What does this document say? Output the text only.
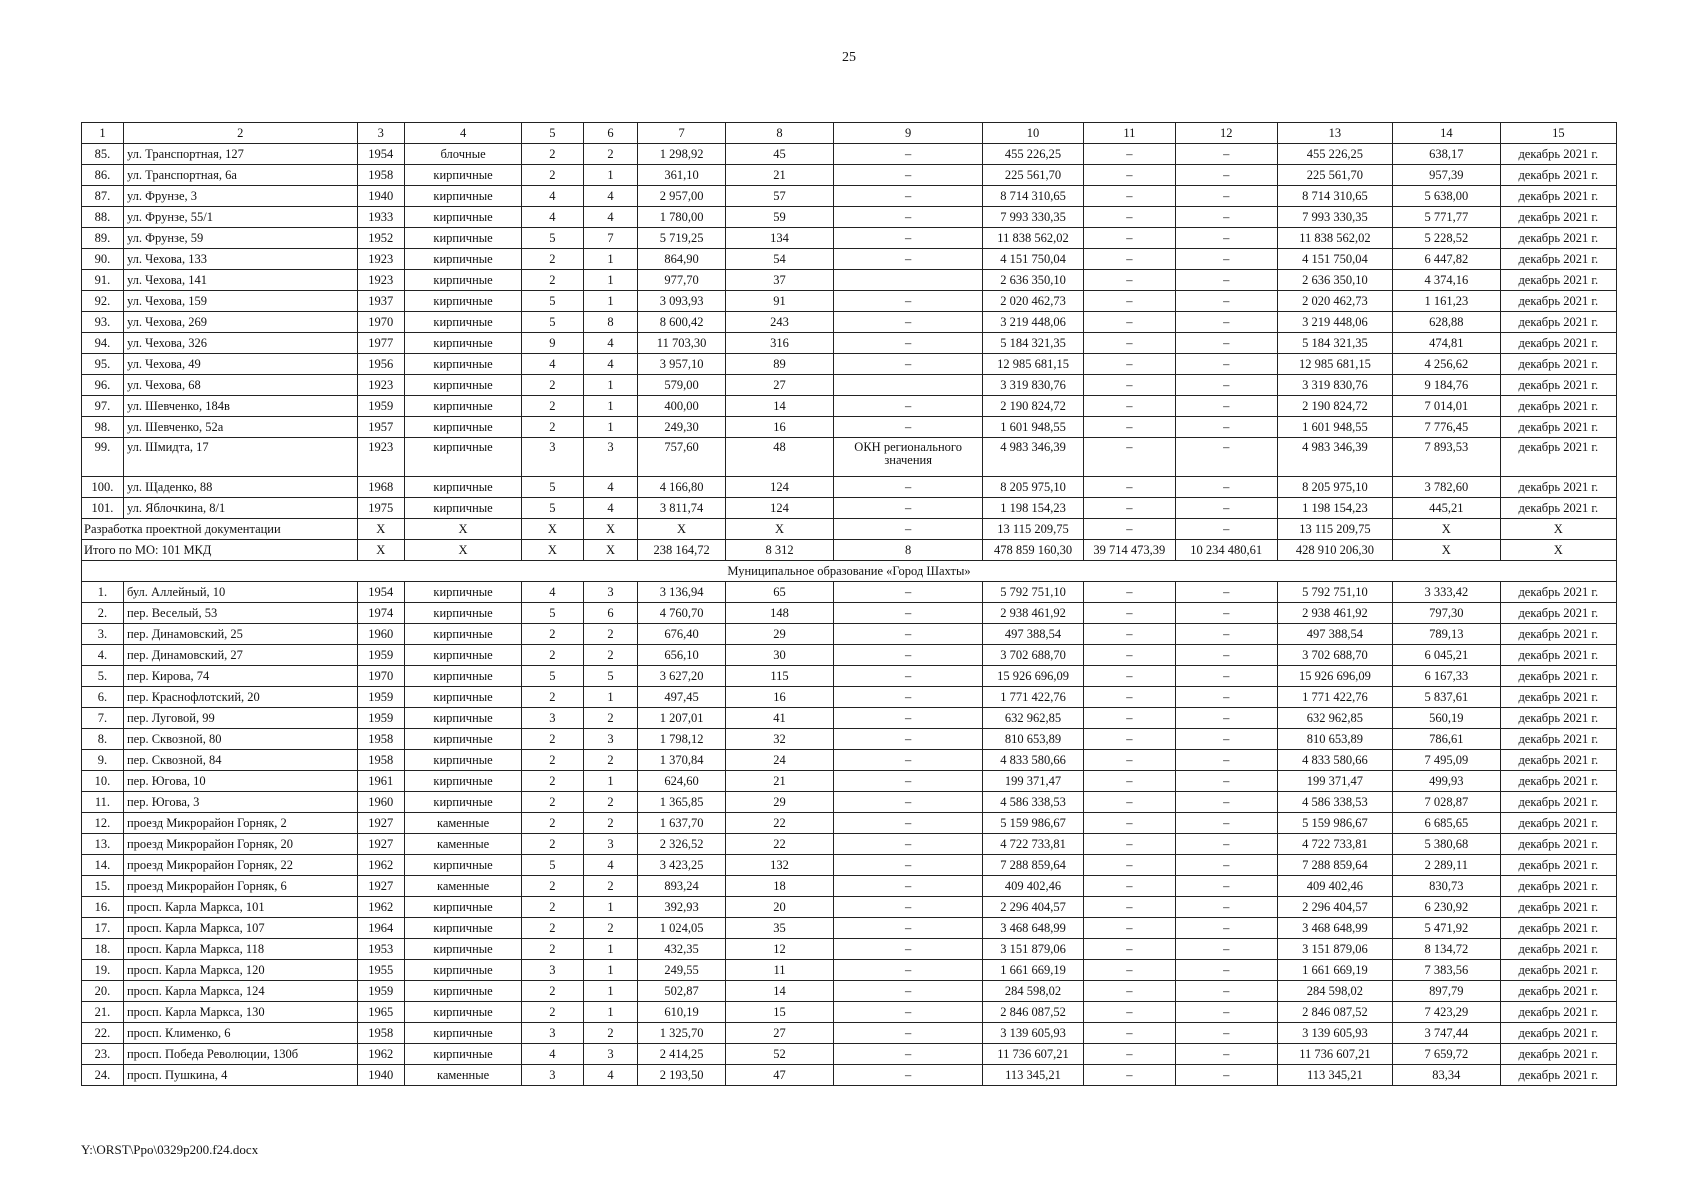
25
1	2	3	4	5	6	7	8	9	10	11	12	13	14	15
85.	ул. Транспортная, 127	1954	блочные	2	2	1 298,92	45	–	455 226,25	–	–	455 226,25	638,17	декабрь 2021 г.
86.	ул. Транспортная, 6а	1958	кирпичные	2	1	361,10	21	–	225 561,70	–	–	225 561,70	957,39	декабрь 2021 г.
87.	ул. Фрунзе, 3	1940	кирпичные	4	4	2 957,00	57	–	8 714 310,65	–	–	8 714 310,65	5 638,00	декабрь 2021 г.
88.	ул. Фрунзе, 55/1	1933	кирпичные	4	4	1 780,00	59	–	7 993 330,35	–	–	7 993 330,35	5 771,77	декабрь 2021 г.
89.	ул. Фрунзе, 59	1952	кирпичные	5	7	5 719,25	134	–	11 838 562,02	–	–	11 838 562,02	5 228,52	декабрь 2021 г.
90.	ул. Чехова, 133	1923	кирпичные	2	1	864,90	54	–	4 151 750,04	–	–	4 151 750,04	6 447,82	декабрь 2021 г.
91.	ул. Чехова, 141	1923	кирпичные	2	1	977,70	37		2 636 350,10	–	–	2 636 350,10	4 374,16	декабрь 2021 г.
92.	ул. Чехова, 159	1937	кирпичные	5	1	3 093,93	91	–	2 020 462,73	–	–	2 020 462,73	1 161,23	декабрь 2021 г.
93.	ул. Чехова, 269	1970	кирпичные	5	8	8 600,42	243	–	3 219 448,06	–	–	3 219 448,06	628,88	декабрь 2021 г.
94.	ул. Чехова, 326	1977	кирпичные	9	4	11 703,30	316	–	5 184 321,35	–	–	5 184 321,35	474,81	декабрь 2021 г.
95.	ул. Чехова, 49	1956	кирпичные	4	4	3 957,10	89	–	12 985 681,15	–	–	12 985 681,15	4 256,62	декабрь 2021 г.
96.	ул. Чехова, 68	1923	кирпичные	2	1	579,00	27		3 319 830,76	–	–	3 319 830,76	9 184,76	декабрь 2021 г.
97.	ул. Шевченко, 184в	1959	кирпичные	2	1	400,00	14	–	2 190 824,72	–	–	2 190 824,72	7 014,01	декабрь 2021 г.
98.	ул. Шевченко, 52а	1957	кирпичные	2	1	249,30	16	–	1 601 948,55	–	–	1 601 948,55	7 776,45	декабрь 2021 г.
99.	ул. Шмидта, 17	1923	кирпичные	3	3	757,60	48	ОКН регионального значения	4 983 346,39	–	–	4 983 346,39	7 893,53	декабрь 2021 г.
100.	ул. Щаденко, 88	1968	кирпичные	5	4	4 166,80	124	–	8 205 975,10	–	–	8 205 975,10	3 782,60	декабрь 2021 г.
101.	ул. Яблочкина, 8/1	1975	кирпичные	5	4	3 811,74	124	–	1 198 154,23	–	–	1 198 154,23	445,21	декабрь 2021 г.
Разработка проектной документации		X	X	X	X	X	X	–	13 115 209,75	–	–	13 115 209,75	X	X
Итого по МО: 101 МКД		X	X	X	X	238 164,72	8 312	8	478 859 160,30	39 714 473,39	10 234 480,61	428 910 206,30	X	X
Муниципальное образование «Город Шахты»														
1.	бул. Аллейный, 10	1954	кирпичные	4	3	3 136,94	65	–	5 792 751,10	–	–	5 792 751,10	3 333,42	декабрь 2021 г.
2.	пер. Веселый, 53	1974	кирпичные	5	6	4 760,70	148	–	2 938 461,92	–	–	2 938 461,92	797,30	декабрь 2021 г.
3.	пер. Динамовский, 25	1960	кирпичные	2	2	676,40	29	–	497 388,54	–	–	497 388,54	789,13	декабрь 2021 г.
4.	пер. Динамовский, 27	1959	кирпичные	2	2	656,10	30	–	3 702 688,70	–	–	3 702 688,70	6 045,21	декабрь 2021 г.
5.	пер. Кирова, 74	1970	кирпичные	5	5	3 627,20	115	–	15 926 696,09	–	–	15 926 696,09	6 167,33	декабрь 2021 г.
6.	пер. Краснофлотский, 20	1959	кирпичные	2	1	497,45	16	–	1 771 422,76	–	–	1 771 422,76	5 837,61	декабрь 2021 г.
7.	пер. Луговой, 99	1959	кирпичные	3	2	1 207,01	41	–	632 962,85	–	–	632 962,85	560,19	декабрь 2021 г.
8.	пер. Сквозной, 80	1958	кирпичные	2	3	1 798,12	32	–	810 653,89	–	–	810 653,89	786,61	декабрь 2021 г.
9.	пер. Сквозной, 84	1958	кирпичные	2	2	1 370,84	24	–	4 833 580,66	–	–	4 833 580,66	7 495,09	декабрь 2021 г.
10.	пер. Югова, 10	1961	кирпичные	2	1	624,60	21	–	199 371,47	–	–	199 371,47	499,93	декабрь 2021 г.
11.	пер. Югова, 3	1960	кирпичные	2	2	1 365,85	29	–	4 586 338,53	–	–	4 586 338,53	7 028,87	декабрь 2021 г.
12.	проезд Микрорайон Горняк, 2	1927	каменные	2	2	1 637,70	22	–	5 159 986,67	–	–	5 159 986,67	6 685,65	декабрь 2021 г.
13.	проезд Микрорайон Горняк, 20	1927	каменные	2	3	2 326,52	22	–	4 722 733,81	–	–	4 722 733,81	5 380,68	декабрь 2021 г.
14.	проезд Микрорайон Горняк, 22	1962	кирпичные	5	4	3 423,25	132	–	7 288 859,64	–	–	7 288 859,64	2 289,11	декабрь 2021 г.
15.	проезд Микрорайон Горняк, 6	1927	каменные	2	2	893,24	18	–	409 402,46	–	–	409 402,46	830,73	декабрь 2021 г.
16.	просп. Карла Маркса, 101	1962	кирпичные	2	1	392,93	20	–	2 296 404,57	–	–	2 296 404,57	6 230,92	декабрь 2021 г.
17.	просп. Карла Маркса, 107	1964	кирпичные	2	2	1 024,05	35	–	3 468 648,99	–	–	3 468 648,99	5 471,92	декабрь 2021 г.
18.	просп. Карла Маркса, 118	1953	кирпичные	2	1	432,35	12	–	3 151 879,06	–	–	3 151 879,06	8 134,72	декабрь 2021 г.
19.	просп. Карла Маркса, 120	1955	кирпичные	3	1	249,55	11	–	1 661 669,19	–	–	1 661 669,19	7 383,56	декабрь 2021 г.
20.	просп. Карла Маркса, 124	1959	кирпичные	2	1	502,87	14	–	284 598,02	–	–	284 598,02	897,79	декабрь 2021 г.
21.	просп. Карла Маркса, 130	1965	кирпичные	2	1	610,19	15	–	2 846 087,52	–	–	2 846 087,52	7 423,29	декабрь 2021 г.
22.	просп. Клименко, 6	1958	кирпичные	3	2	1 325,70	27	–	3 139 605,93	–	–	3 139 605,93	3 747,44	декабрь 2021 г.
23.	просп. Победа Революции, 130б	1962	кирпичные	4	3	2 414,25	52	–	11 736 607,21	–	–	11 736 607,21	7 659,72	декабрь 2021 г.
24.	просп. Пушкина, 4	1940	каменные	3	4	2 193,50	47	–	113 345,21	–	–	113 345,21	83,34	декабрь 2021 г.
Y:\ORST\Ppo\0329p200.f24.docx
